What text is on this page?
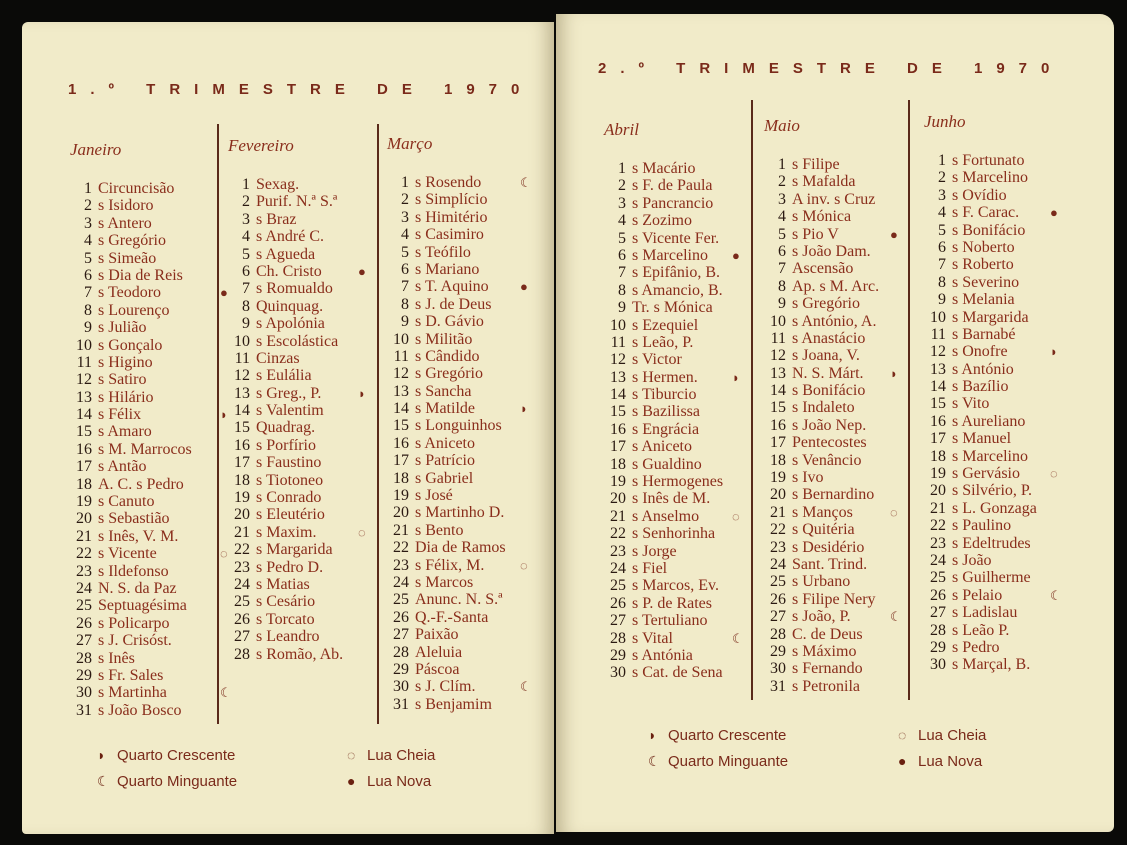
1.º TRIMESTRE DE 1970
Janeiro
1 Circuncisão
2 s Isidoro
3 s Antero
4 s Gregório
5 s Simeão
6 s Dia de Reis
7 s Teodoro	●
8 s Lourenço
9 s Julião
10 s Gonçalo
11 s Higino
12 s Satiro
13 s Hilário
14 s Félix	◗
15 s Amaro
16 s M. Marrocos
17 s Antão
18 A. C. s Pedro
19 s Canuto
20 s Sebastião
21 s Inês, V. M.
22 s Vicente	◌
23 s Ildefonso
24 N. S. da Paz
25 Septuagésima
26 s Policarpo
27 s J. Crisóst.
28 s Inês
29 s Fr. Sales
30 s Martinha	☾
31 s João Bosco
Fevereiro
1 Sexag.
2 Purif. N.ª S.ª
3 s Braz
4 s André C.
5 s Agueda
6 Ch. Cristo	●
7 s Romualdo
8 Quinquag.
9 s Apolónia
10 s Escolástica
11 Cinzas
12 s Eulália
13 s Greg., P.	◗
14 s Valentim
15 Quadrag.
16 s Porfírio
17 s Faustino
18 s Tiotoneo
19 s Conrado
20 s Eleutério
21 s Maxim.	◌
22 s Margarida
23 s Pedro D.
24 s Matias
25 s Cesário
26 s Torcato
27 s Leandro
28 s Romão, Ab.
Março
1 s Rosendo	☾
2 s Simplício
3 s Himitério
4 s Casimiro
5 s Teófilo
6 s Mariano
7 s T. Aquino ●
8 s J. de Deus
9 s D. Gávio
10 s Militão
11 s Cândido
12 s Gregório
13 s Sancha
14 s Matilde	◗
15 s Longuinhos
16 s Aniceto
17 s Patrício
18 s Gabriel
19 s José
20 s Martinho D.
21 s Bento
22 Dia de Ramos
23 s Félix, M.	◌
24 s Marcos
25 Anunc. N. S.ª
26 Q.-F.-Santa
27 Paixão
28 Aleluia
29 Páscoa
30 s J. Clím.	☾
31 s Benjamim
◗ Quarto Crescente	◌ Lua Cheia
☾ Quarto Minguante	● Lua Nova
2.º TRIMESTRE DE 1970
Abril
1 s Macário
2 s F. de Paula
3 s Pancrancio
4 s Zozimo
5 s Vicente Fer.
6 s Marcelino ●
7 s Epifânio, B.
8 s Amancio, B.
9 Tr. s Mónica
10 s Ezequiel
11 s Leão, P.
12 s Victor
13 s Hermen.	◗
14 s Tiburcio
15 s Bazilissa
16 s Engrácia
17 s Aniceto
18 s Gualdino
19 s Hermogenes
20 s Inês de M.
21 s Anselmo	◌
22 s Senhorinha
23 s Jorge
24 s Fiel
25 s Marcos, Ev.
26 s P. de Rates
27 s Tertuliano
28 s Vital	☾
29 s Antónia
30 s Cat. de Sena
Maio
1 s Filipe
2 s Mafalda
3 A inv. s Cruz
4 s Mónica
5 s Pio V	●
6 s João Dam.
7 Ascensão
8 Ap. s M. Arc.
9 s Gregório
10 s António, A.
11 s Anastácio
12 s Joana, V.
13 N. S. Márt. ◗
14 s Bonifácio
15 s Indaleto
16 s João Nep.
17 Pentecostes
18 s Venâncio
19 s Ivo
20 s Bernardino
21 s Manços	◌
22 s Quitéria
23 s Desidério
24 Sant. Trind.
25 s Urbano
26 s Filipe Nery
27 s João, P.	☾
28 C. de Deus
29 s Máximo
30 s Fernando
31 s Petronila
Junho
1 s Fortunato
2 s Marcelino
3 s Ovídio
4 s F. Carac. ●
5 s Bonifácio
6 s Noberto
7 s Roberto
8 s Severino
9 s Melania
10 s Margarida
11 s Barnabé
12 s Onofre	◗
13 s António
14 s Bazílio
15 s Vito
16 s Aureliano
17 s Manuel
18 s Marcelino
19 s Gervásio ◌
20 s Silvério, P.
21 s L. Gonzaga
22 s Paulino
23 s Edeltrudes
24 s João
25 s Guilherme
26 s Pelaio	☾
27 s Ladislau
28 s Leão P.
29 s Pedro
30 s Marçal, B.
◗ Quarto Crescente	◌ Lua Cheia
☾ Quarto Minguante	● Lua Nova
